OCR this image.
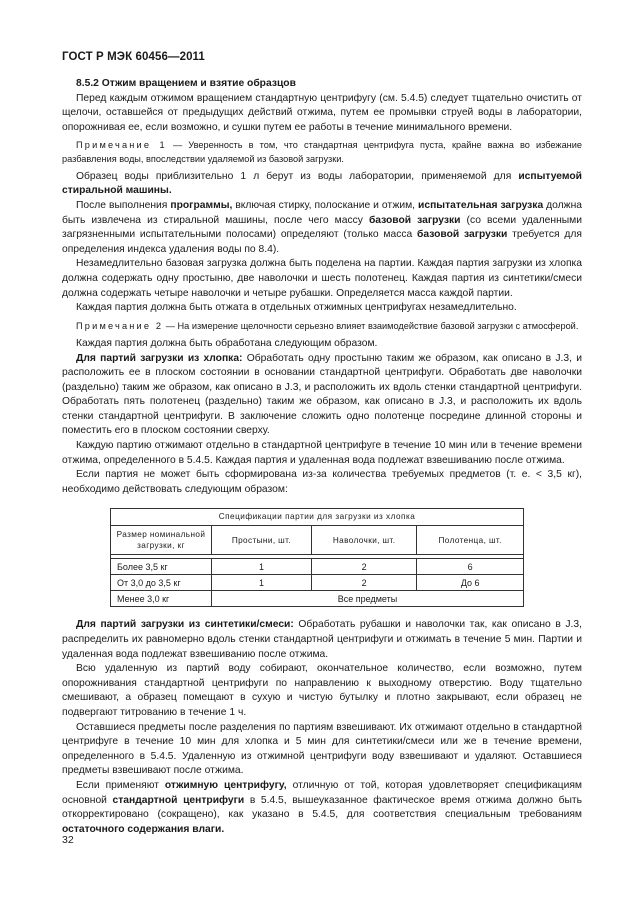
ГОСТ Р МЭК 60456—2011

8.5.2 Отжим вращением и взятие образцов

Перед каждым отжимом вращением стандартную центрифугу (см. 5.4.5) следует тщательно очистить от щелочи, оставшейся от предыдущих действий отжима, путем ее промывки струей воды в лаборатории, опорожнивая ее, если возможно, и сушки путем ее работы в течение минимального времени.

Примечание 1 — Уверенность в том, что стандартная центрифуга пуста, крайне важна во избежание разбавления воды, впоследствии удаляемой из базовой загрузки.

Образец воды приблизительно 1 л берут из воды лаборатории, применяемой для испытуемой стиральной машины.

После выполнения программы, включая стирку, полоскание и отжим, испытательная загрузка должна быть извлечена из стиральной машины, после чего массу базовой загрузки (со всеми удаленными загрязненными испытательными полосами) определяют (только масса базовой загрузки требуется для определения индекса удаления воды по 8.4).

Незамедлительно базовая загрузка должна быть поделена на партии. Каждая партия загрузки из хлопка должна содержать одну простыню, две наволочки и шесть полотенец. Каждая партия из синтетики/смеси должна содержать четыре наволочки и четыре рубашки. Определяется масса каждой партии.

Каждая партия должна быть отжата в отдельных отжимных центрифугах незамедлительно.

Примечание 2 — На измерение щелочности серьезно влияет взаимодействие базовой загрузки с атмосферой.

Каждая партия должна быть обработана следующим образом.

Для партий загрузки из хлопка: Обработать одну простыню таким же образом, как описано в J.3, и расположить ее в плоском состоянии в основании стандартной центрифуги. Обработать две наволочки (раздельно) таким же образом, как описано в J.3, и расположить их вдоль стенки стандартной центрифуги. Обработать пять полотенец (раздельно) таким же образом, как описано в J.3, и расположить их вдоль стенки стандартной центрифуги. В заключение сложить одно полотенце посредине длинной стороны и поместить его в плоском состоянии сверху.

Каждую партию отжимают отдельно в стандартной центрифуге в течение 10 мин или в течение времени отжима, определенного в 5.4.5. Каждая партия и удаленная вода подлежат взвешиванию после отжима.

Если партия не может быть сформирована из-за количества требуемых предметов (т. е. < 3,5 кг), необходимо действовать следующим образом:

Спецификации партии для загрузки из хлопка			
Размер номинальной загрузки, кг	Простыни, шт.	Наволочки, шт.	Полотенца, шт.

Более 3,5 кг	1	2	6
От 3,0 до 3,5 кг	1	2	До 6
Менее 3,0 кг	Все предметы		

Для партий загрузки из синтетики/смеси: Обработать рубашки и наволочки так, как описано в J.3, распределить их равномерно вдоль стенки стандартной центрифуги и отжимать в течение 5 мин. Партии и удаленная вода подлежат взвешиванию после отжима.

Всю удаленную из партий воду собирают, окончательное количество, если возможно, путем опорожнивания стандартной центрифуги по направлению к выходному отверстию. Воду тщательно смешивают, а образец помещают в сухую и чистую бутылку и плотно закрывают, если образец не подвергают титрованию в течение 1 ч.

Оставшиеся предметы после разделения по партиям взвешивают. Их отжимают отдельно в стандартной центрифуге в течение 10 мин для хлопка и 5 мин для синтетики/смеси или же в течение времени, определенного в 5.4.5. Удаленную из отжимной центрифуги воду взвешивают и удаляют. Оставшиеся предметы взвешивают после отжима.

Если применяют отжимную центрифугу, отличную от той, которая удовлетворяет спецификациям основной стандартной центрифуги в 5.4.5, вышеуказанное фактическое время отжима должно быть откорректировано (сокращено), как указано в 5.4.5, для соответствия специальным требованиям остаточного содержания влаги.

32
